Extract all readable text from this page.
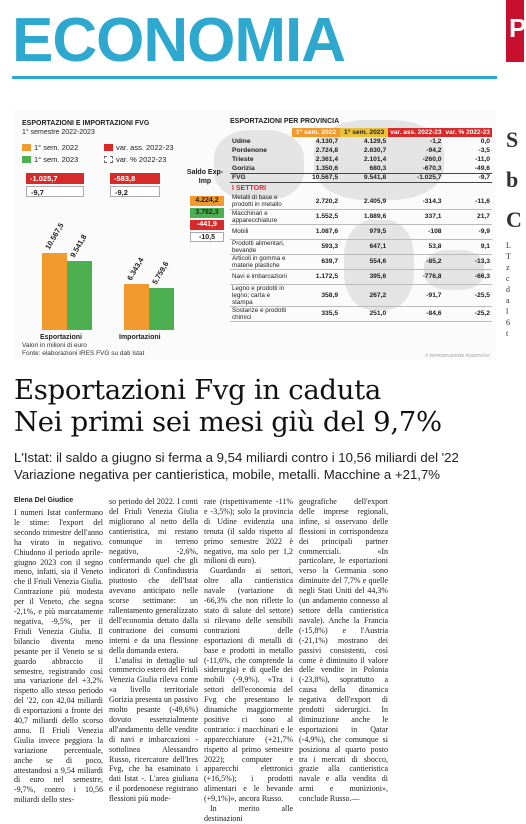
ECONOMIA	P
S
b
C
L
T
z
c
d
a
l
6
t
ESPORTAZIONI E IMPORTAZIONI FVG
1° semestre 2022-2023
1° sem. 2022
1° sem. 2023
var. ass. 2022-23
var. % 2022-23
-1.025,7
-9,7
-583,8
-9,2
10.567,5 9.541,8
6.343,4 5.759,6
Esportazioni	Importazioni
Valori in milioni di euro
Fonte: elaborazioni IRES FVG su dati Istat
Saldo Exp-Imp
4.224,2
3.782,3
-441,9
-10,5
ESPORTAZIONI PER PROVINCIA
	1° sem. 2022	1° sem. 2023	var. ass. 2022-23	var. % 2022-23
Udine	4.130,7	4.129,5	-1,2	0,0
Pordenone	2.724,8	2.630,7	-94,2	-3,5
Trieste	2.361,4	2.101,4	-260,0	-11,0
Gorizia	1.350,6	680,3	-670,3	-49,6
FVG	10.567,5	9.541,8	-1.025,7	-9,7
I SETTORI				
Metalli di base e prodotti in metallo	2.720,2	2.405,9	-314,3	-11,6
Macchinari e apparecchiature	1.552,5	1.889,6	337,1	21,7
Mobili	1.087,6	979,5	-108	-9,9
Prodotti alimentari, bevande	593,3	647,1	53,8	9,1
Articoli in gomma e materie plastiche	639,7	554,6	-85,2	-13,3
Navi e imbarcazioni	1.172,5	395,6	-776,8	-66,3
Legno e prodotti in legno; carta e stampa	358,9	267,2	-91,7	-25,5
Sostanze e prodotti chimici	335,5	251,0	-84,6	-25,2
© RIPRODUZIONE RISERVATA
Esportazioni Fvg in caduta
Nei primi sei mesi giù del 9,7%
L'Istat: il saldo a giugno si ferma a 9,54 miliardi contro i 10,56 miliardi del '22
Variazione negativa per cantieristica, mobile, metalli. Macchine a +21,7%
Elena Del Giudice

I numeri Istat confermano le stime: l'export del secondo trimestre dell'anno ha virato in negativo. Chiudono il periodo aprile-giugno 2023 con il segno meno, infatti, sia il Veneto che il Friuli Venezia Giulia. Contrazione più modesta per il Veneto, che segna -2,1%, e più marcatamente negativa, -9,5%, per il Friuli Venezia Giulia. Il bilancio diventa meno pesante per il Veneto se si guardo abbraccio il semestre, registrando così una variazione del +3,2% rispetto allo stesso periodo del '22, con 42,04 miliardi di esportazioni a fronte dei 40,7 miliardi dello scorso anno. Il Friuli Venezia Giulia invece peggiora la variazione percentuale, anche se di poco, attestandosi a 9,54 miliardi di euro nel semestre, -9,7%, contro i 10,56 miliardi dello stes-

so periodo del 2022. I conti del Friuli Venezia Giulia migliorano al netto della cantieristica, mi restano comunque in terreno negativo, -2,6%, confermando quel che gli indicatori di Confindustria piuttosto che dell'Istat avevano anticipato nelle scorse settimane: un rallentamento generalizzato dell'economia dettato dalla contrazione dei consumi interni e da una flessione della domanda estera.

L'analisi in dettaglio sul commercio estero del Friuli Venezia Giulia rileva come «a livello territoriale Gorizia presenta un passivo molto pesante (-49,6%) dovuto essenzialmente all'andamento delle vendite di navi e imbarcazioni - sottolinea Alessandro Russo, ricercatore dell'Ires Fvg, che ha esaminato i dati Istat -. L'area giuliana e il pordenonese registrano flessioni più mode-

rate (rispettivamente -11% e -3,5%); solo la provincia di Udine evidenzia una tenuta (il saldo rispetto al primo semestre 2022 è negativo, ma solo per 1,2 milioni di euro).

Guardando ai settori, oltre alla cantieristica navale (variazione di -66,3% che non riflette lo stato di salute del settore) si rilevano delle sensibili contrazioni delle esportazioni di metalli di base e prodotti in metallo (-11,6%, che comprende la siderurgia) e di quelle dei mobili (-9,9%). «Tra i settori dell'economia del Fvg che presentano le dinamiche maggiormente positive ci sono al contrario: i macchinari e le apparecchiature (+21,7% rispetto al primo semestre 2022); computer e apparecchi elettronici (+16,5%); i prodotti alimentari e le bevande (+9,1%)», ancora Russo.

In merito alle destinazioni

geografiche dell'export delle imprese regionali, infine, si osservano delle flessioni in corrispondenza dei principali partner commerciali. «In particolare, le esportazioni verso la Germania sono diminuite del 7,7% e quelle negli Stati Uniti del 44,3% (un andamento connesso al settore della cantieristica navale). Anche la Francia (-15,8%) e l'Austria (-21,1%) mostrano dei passivi consistenti, così come è diminuito il valore delle vendite in Polonia (-23,8%), soprattutto a causa della dinamica negativa dell'export di prodotti siderurgici. In diminuzione anche le esportazioni in Qatar (-4,9%), che comunque si posiziona al quarto posto tra i mercati di sbocco, grazie alla cantieristica navale e alla vendita di armi e munizioni», conclude Russo.—
